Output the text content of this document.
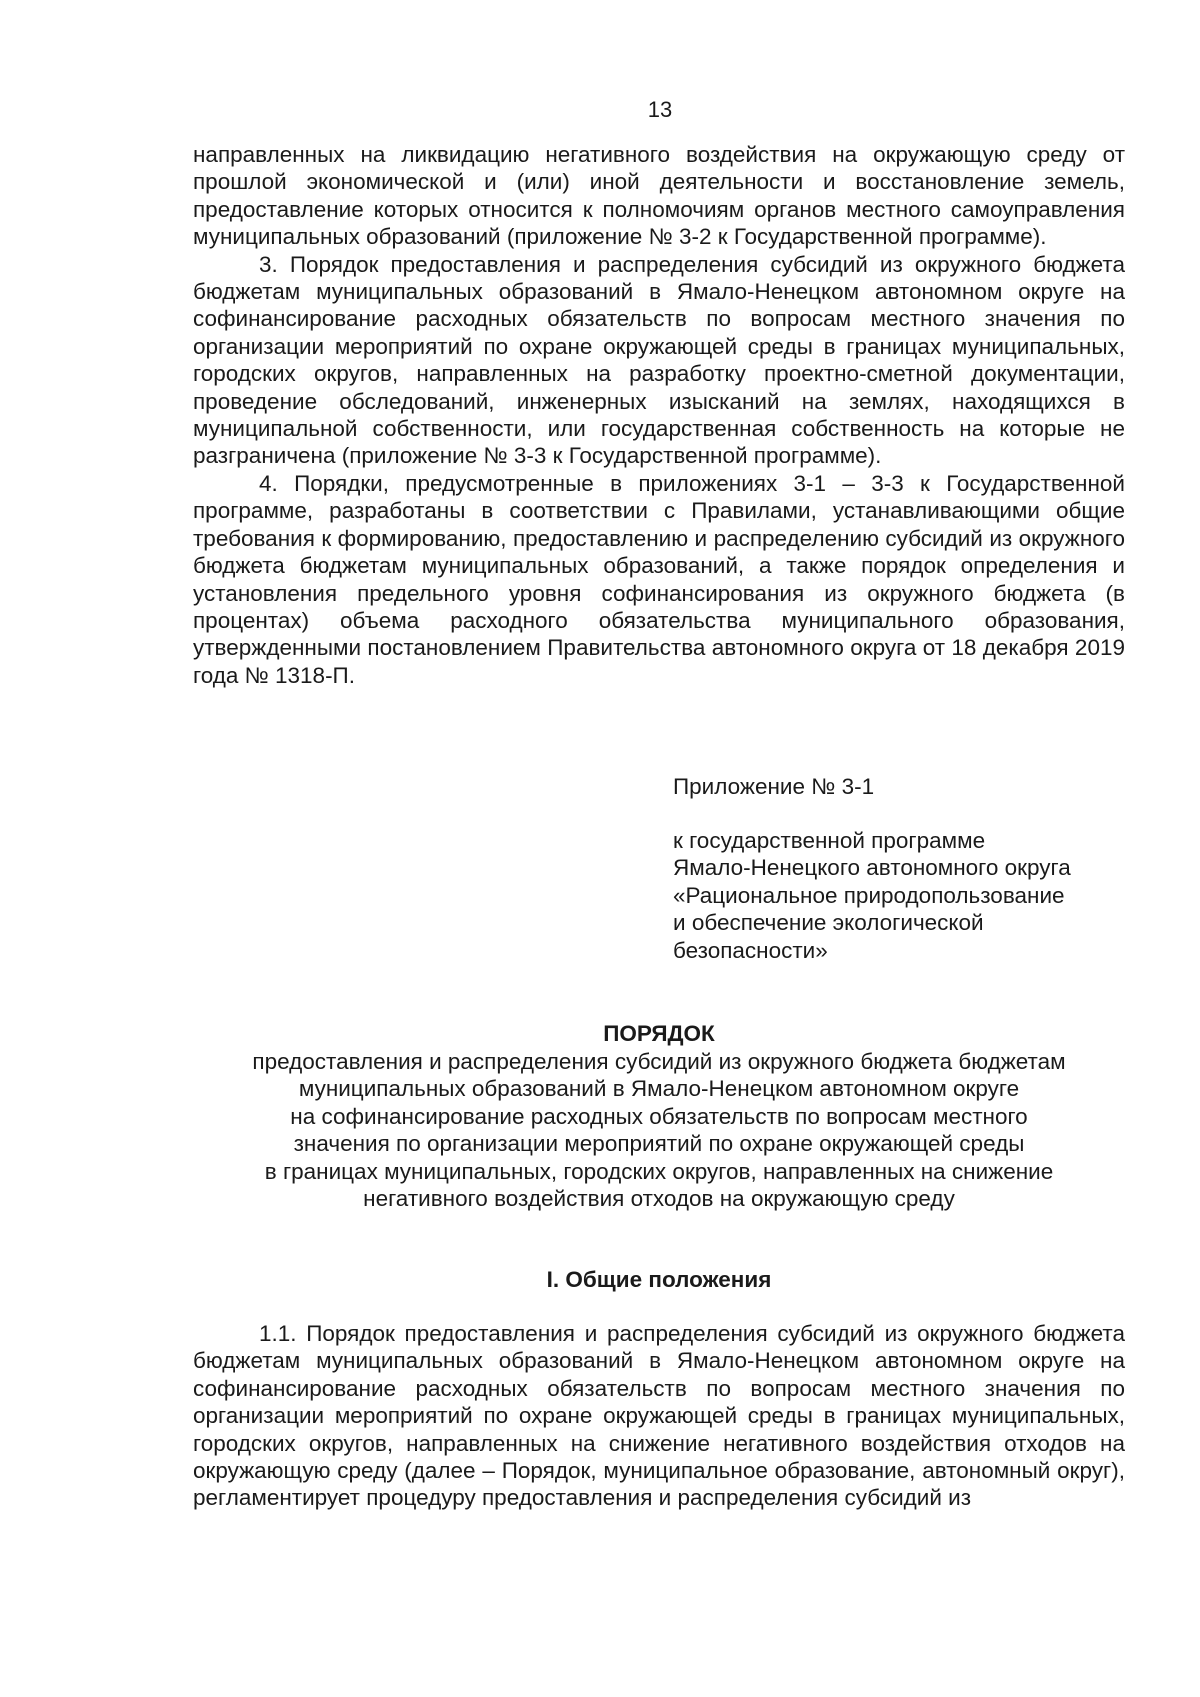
13

направленных на ликвидацию негативного воздействия на окружающую среду от прошлой экономической и (или) иной деятельности и восстановление земель, предоставление которых относится к полномочиям органов местного самоуправления муниципальных образований (приложение № 3-2 к Государственной программе).

3. Порядок предоставления и распределения субсидий из окружного бюджета бюджетам муниципальных образований в Ямало-Ненецком автономном округе на софинансирование расходных обязательств по вопросам местного значения по организации мероприятий по охране окружающей среды в границах муниципальных, городских округов, направленных на разработку проектно-сметной документации, проведение обследований, инженерных изысканий на землях, находящихся в муниципальной собственности, или государственная собственность на которые не разграничена (приложение № 3-3 к Государственной программе).

4. Порядки, предусмотренные в приложениях 3-1 – 3-3 к Государственной программе, разработаны в соответствии с Правилами, устанавливающими общие требования к формированию, предоставлению и распределению субсидий из окружного бюджета бюджетам муниципальных образований, а также порядок определения и установления предельного уровня софинансирования из окружного бюджета (в процентах) объема расходного обязательства муниципального образования, утвержденными постановлением Правительства автономного округа от 18 декабря 2019 года № 1318-П.

Приложение № 3-1
к государственной программе
Ямало-Ненецкого автономного округа
«Рациональное природопользование
и обеспечение экологической
безопасности»
ПОРЯДОК
предоставления и распределения субсидий из окружного бюджета бюджетам
муниципальных образований в Ямало-Ненецком автономном округе
на софинансирование расходных обязательств по вопросам местного
значения по организации мероприятий по охране окружающей среды
в границах муниципальных, городских округов, направленных на снижение
негативного воздействия отходов на окружающую среду
I. Общие положения

1.1. Порядок предоставления и распределения субсидий из окружного бюджета бюджетам муниципальных образований в Ямало-Ненецком автономном округе на софинансирование расходных обязательств по вопросам местного значения по организации мероприятий по охране окружающей среды в границах муниципальных, городских округов, направленных на снижение негативного воздействия отходов на окружающую среду (далее – Порядок, муниципальное образование, автономный округ), регламентирует процедуру предоставления и распределения субсидий из
